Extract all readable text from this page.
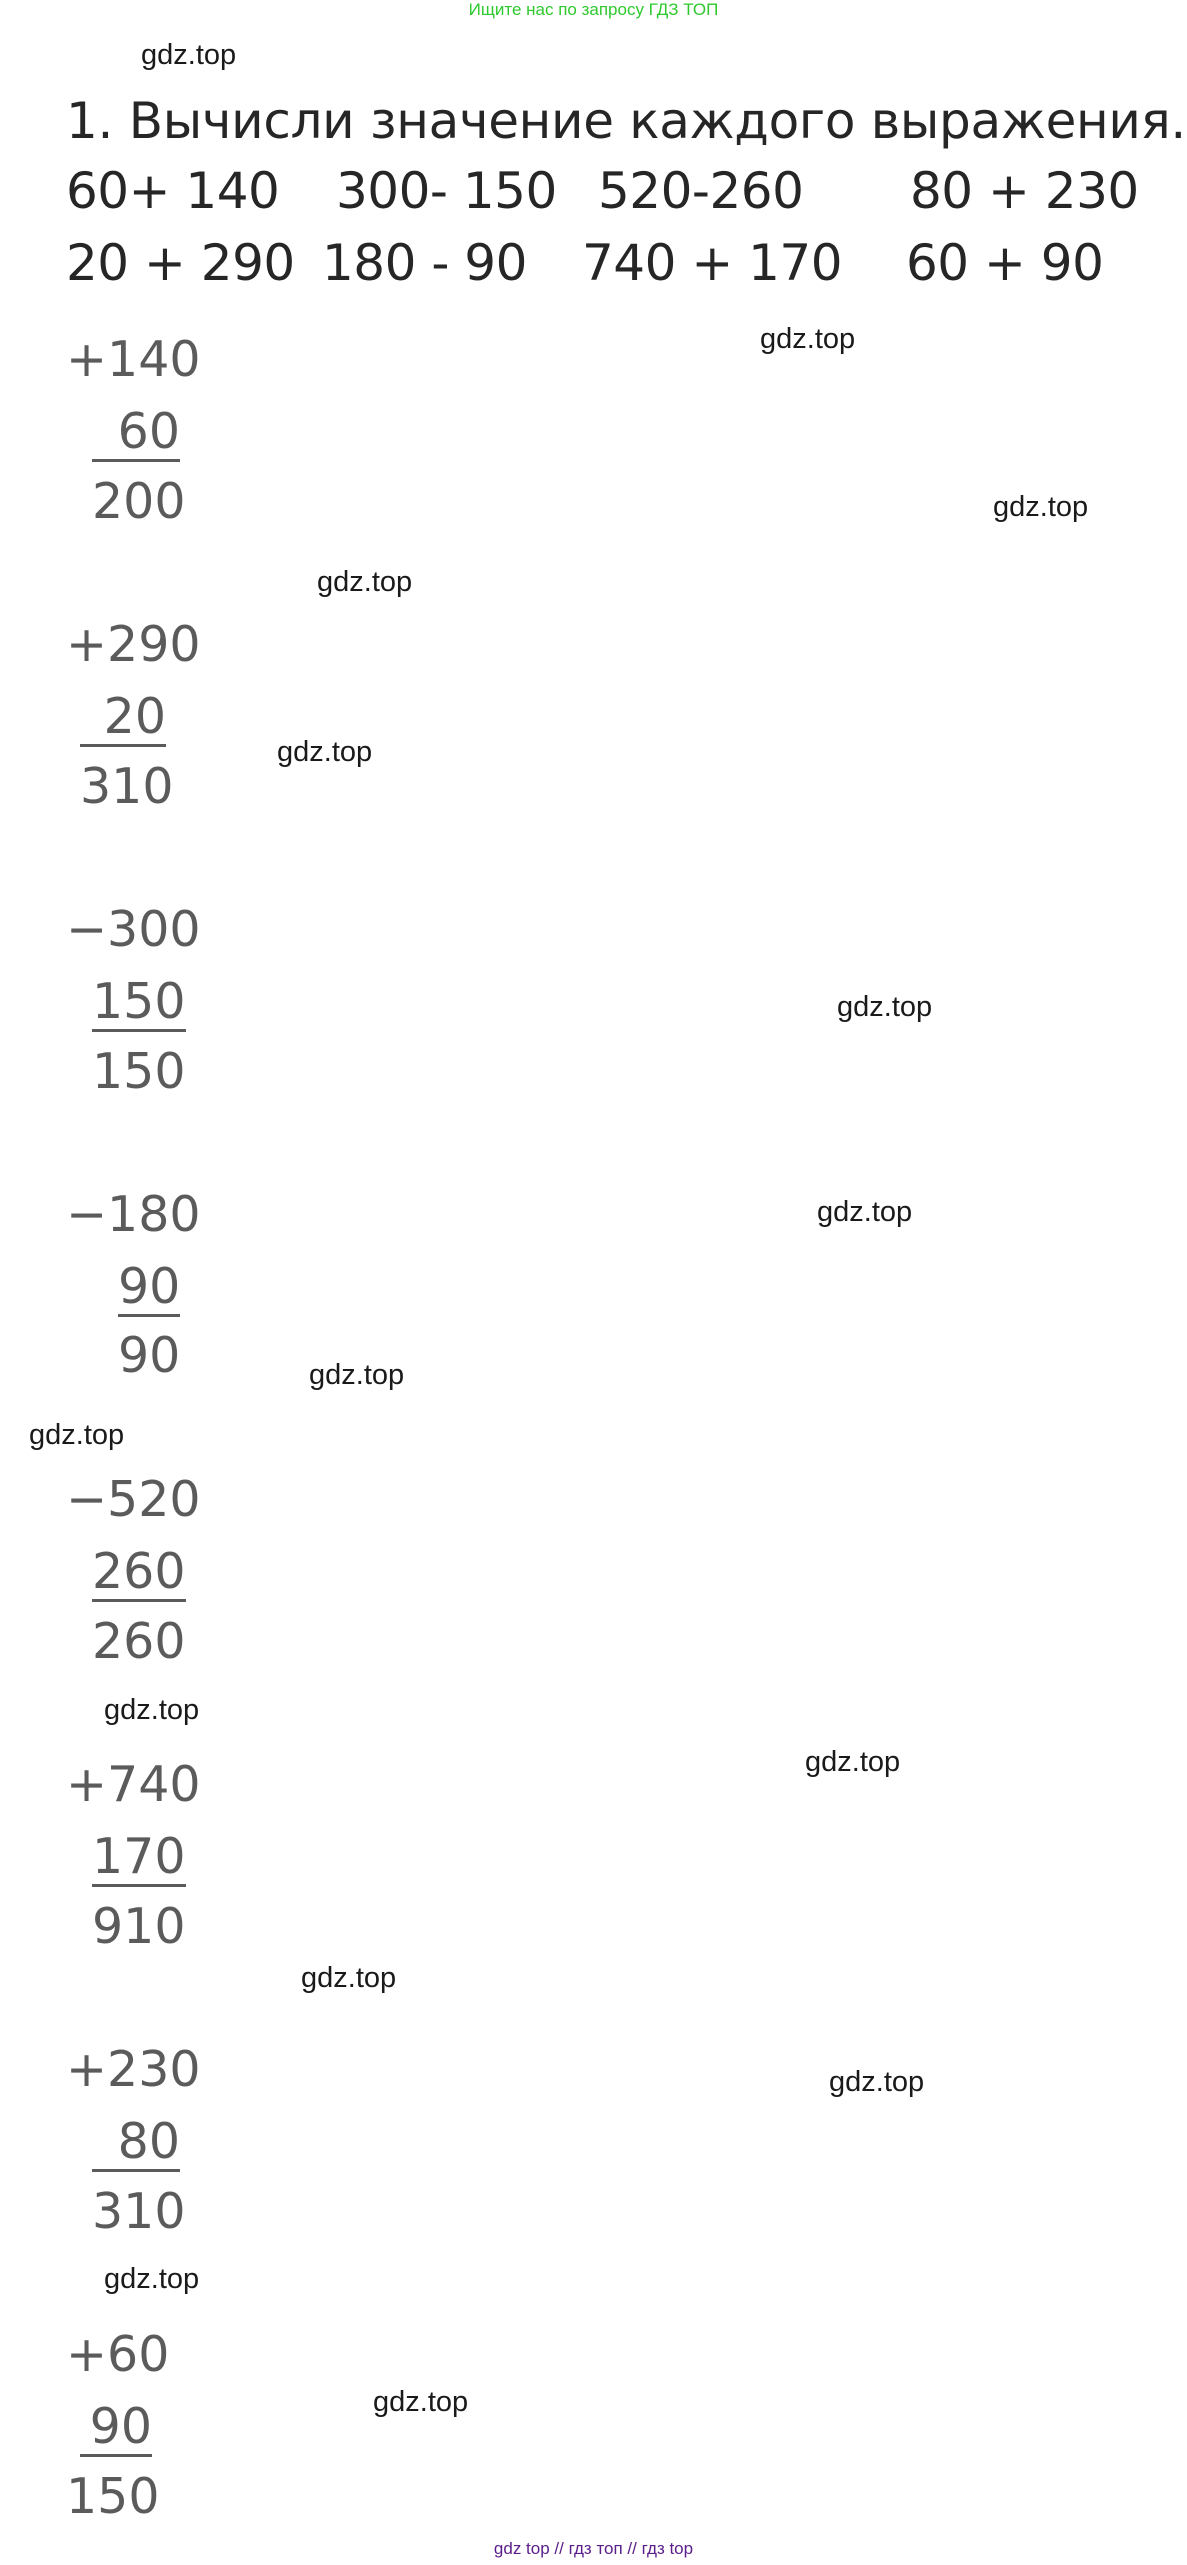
Ищите нас по запросу ГДЗ ТОП
1. Вычисли значение каждого выражения.
60+ 140 300- 150 520-260 80 + 230
20 + 290 180 - 90 740 + 170 60 + 90
+140
60
200
+290
20
310
−300
150
150
−180
90
90
−520
260
260
+740
170
910
+230
80
310
+60
90
150
gdz.top
gdz.top
gdz.top
gdz.top
gdz.top
gdz.top
gdz.top
gdz.top
gdz.top
gdz.top
gdz.top
gdz.top
gdz.top
gdz.top
gdz.top
gdz top // гдз топ // гдз top
